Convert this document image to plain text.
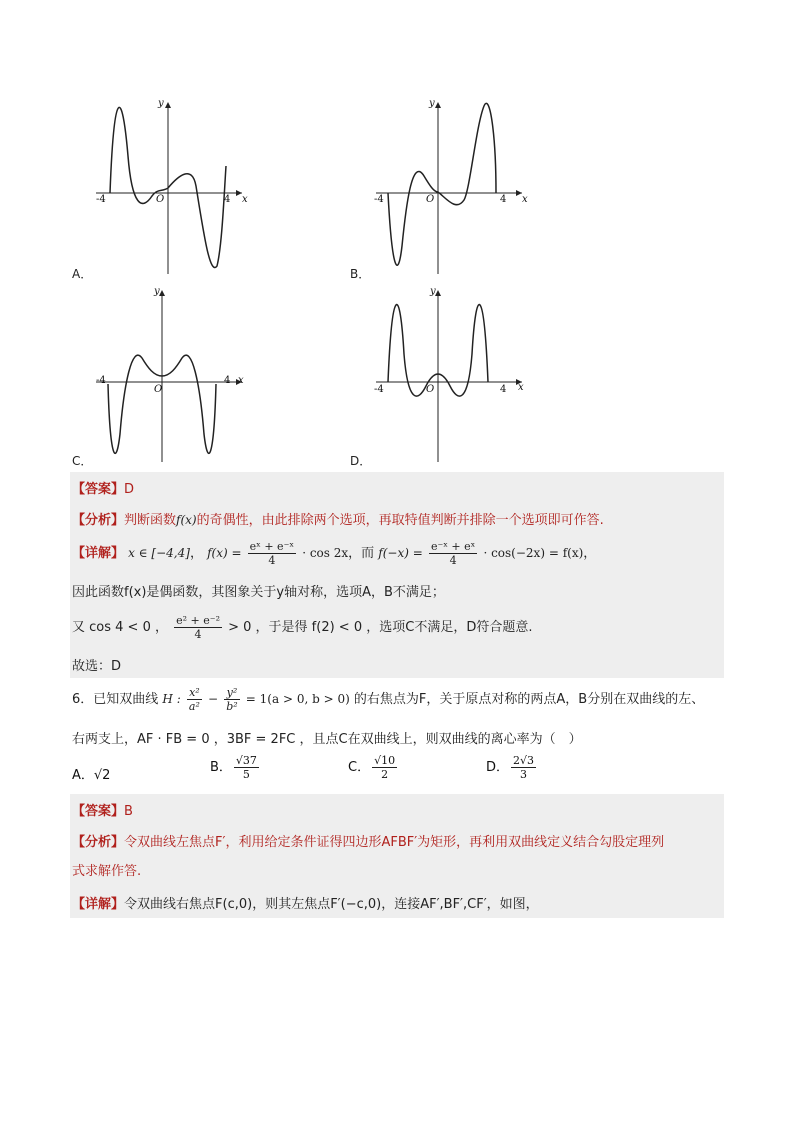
y
x
O
-4	4
A．
y
x
O
-4	4
B．
y
x
O
-4	4
C．
y
x
O
-4	4
D．
【答案】D
【分析】判断函数f(x)的奇偶性，由此排除两个选项，再取特值判断并排除一个选项即可作答.
【详解】 x ∈ [−4,4]， $f(x) = \frac{\text{eˣ + e⁻ˣ}}{4} \cdot \cos 2x$，而 $f(-x) = \frac{\text{e⁻ˣ + eˣ}}{4} \cdot \cos(-2x) = f(x)$，
因此函数f(x)是偶函数，其图象关于y轴对称，选项A，B不满足；
又 cos 4 < 0 ， $\frac{\text{e² + e⁻²}}{4} > 0$ ，于是得 f(2) < 0 ，选项C不满足，D符合题意.
故选：D
6．已知双曲线 H : $\frac{\text{x²}}{\text{a²}} - \frac{\text{y²}}{\text{b²}} = 1(a > 0$, b > 0) 的右焦点为F，关于原点对称的两点A，B分别在双曲线的左、
右两支上，AF · FB = 0 ，3BF = 2FC ，且点C在双曲线上，则双曲线的离心率为（　）
A．√2
B． $\frac{√37}{5}$	C． $\frac{√10}{2}$	D． $\frac{2√3}{3}$
【答案】B
【分析】令双曲线左焦点F′，利用给定条件证得四边形AFBF′为矩形，再利用双曲线定义结合勾股定理列
式求解作答.
【详解】令双曲线右焦点F(c,0)，则其左焦点F′(−c,0)，连接AF′,BF′,CF′，如图，
